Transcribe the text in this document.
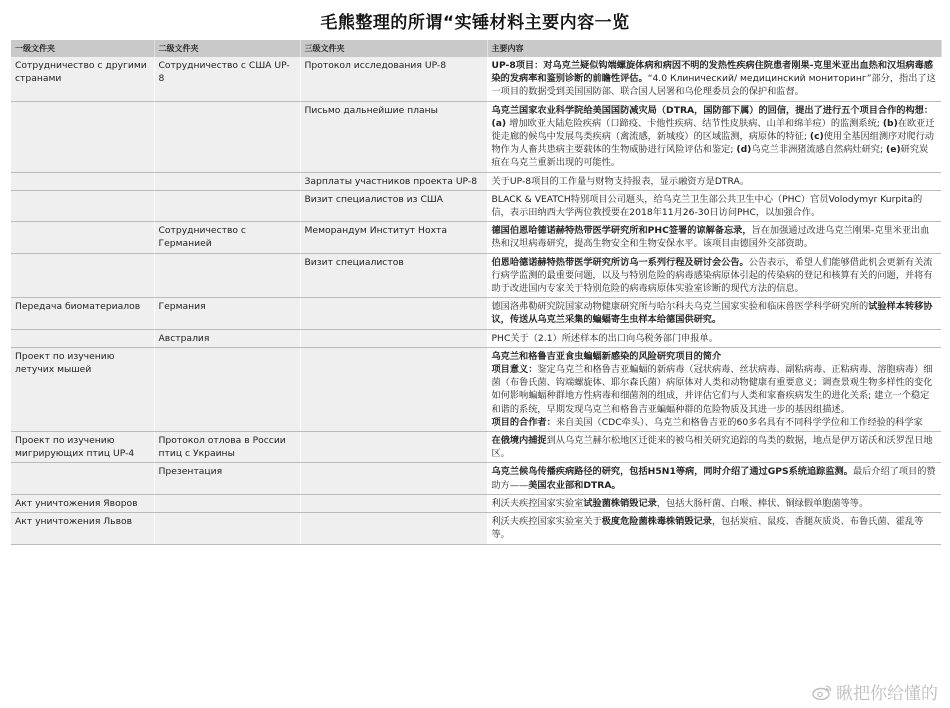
毛熊整理的所谓“实锤材料主要内容一览
一级文件夹	二级文件夹	三级文件夹	主要内容
Сотрудничество с другими странами	Сотрудничество с США UP-8	Протокол исследования UP-8	UP-8项目：对乌克兰疑似钩端螺旋体病和病因不明的发热性疾病住院患者刚果-克里米亚出血热和汉坦病毒感染的发病率和鉴别诊断的前瞻性评估。“4.0 Клинический/ медицинский мониторинг”部分，指出了这一项目的数据受到美国国防部、联合国人居署和乌伦理委员会的保护和监督。
		Письмо дальнейшие планы	乌克兰国家农业科学院给美国国防减灾局（DTRA，国防部下属）的回信，提出了进行五个项目合作的构想：(a) 增加欧亚大陆危险疾病（口蹄疫、卡他性疾病、结节性皮肤病、山羊和绵羊痘）的监测系统; (b)在欧亚迁徙走廊的候鸟中发展鸟类疾病（禽流感，新城疫）的区域监测，病原体的特征; (c)使用全基因组测序对爬行动物作为人畜共患病主要载体的生物威胁进行风险评估和鉴定; (d)乌克兰非洲猪流感自然病灶研究; (e)研究炭疽在乌克兰重新出现的可能性。
		Зарплаты участников проекта UP-8	关于UP-8项目的工作量与财物支持报表，显示融资方是DTRA。
		Визит специалистов из США	BLACK & VEATCH特别项目公司题头，给乌克兰卫生部公共卫生中心（PHC）官员Volodymyr Kurpita的信，表示田纳西大学两位教授要在2018年11月26-30日访问PHC，以加强合作。
	Сотрудничество с Германией	Меморандум Институт Нохта	德国伯恩哈德诺赫特热带医学研究所和PHC签署的谅解备忘录，旨在加强通过改进乌克兰刚果-克里米亚出血热和汉坦病毒研究，提高生物安全和生物安保水平。该项目由德国外交部资助。
		Визит специалистов	伯恩哈德诺赫特热带医学研究所访乌一系列行程及研讨会公告。公告表示，希望人们能够借此机会更新有关流行病学监测的最重要问题，以及与特别危险的病毒感染病原体引起的传染病的登记和核算有关的问题，并将有助于改进国内专家关于特别危险的病毒病原体实验室诊断的现代方法的信息。
Передача биоматериалов	Германия		德国洛弗勒研究院国家动物健康研究所与哈尔科夫乌克兰国家实验和临床兽医学科学研究所的试验样本转移协议，传送从乌克兰采集的蝙蝠寄生虫样本给德国供研究。
	Австралия		PHC关于（2.1）所述样本的出口向乌税务部门申报单。
Проект по изучению летучих мышей			乌克兰和格鲁吉亚食虫蝙蝠新感染的风险研究项目的简介
项目意义：鉴定乌克兰和格鲁吉亚蝙蝠的新病毒（冠状病毒、丝状病毒、副粘病毒、正粘病毒、溶胞病毒）细菌（布鲁氏菌、钩端螺旋体、耶尔森氏菌）病原体对人类和动物健康有重要意义；调查景观生物多样性的变化如何影响蝙蝠种群地方性病毒和细菌剂的组成，并评估它们与人类和家畜疾病发生的进化关系; 建立一个稳定和谐的系统，早期发现乌克兰和格鲁吉亚蝙蝠种群的危险物质及其进一步的基因组描述。
项目的合作者：来自美国（CDC牵头）、乌克兰和格鲁吉亚的60多名具有不同科学学位和工作经验的科学家
Проект по изучению мигрирующих птиц UP-4	Протокол отлова в России птиц с Украины		在俄境内捕捉到从乌克兰赫尔松地区迁徙来的被乌相关研究追踪的鸟类的数据，地点是伊万诺沃和沃罗涅日地区。
	Презентация		乌克兰候鸟传播疾病路径的研究，包括H5N1等病，同时介绍了通过GPS系统追踪监测。最后介绍了项目的赞助方——美国农业部和DTRA。
Акт уничтожения Яворов			利沃夫疾控国家实验室试验菌株销毁记录，包括大肠杆菌、白喉、棒状、铜绿假单胞菌等等。
Акт уничтожения Львов			利沃夫疾控国家实验室关于极度危险菌株毒株销毁记录，包括炭疽、鼠疫、香腿灰质炎、布鲁氏菌、霍乱等等。
瞅把你给懂的
